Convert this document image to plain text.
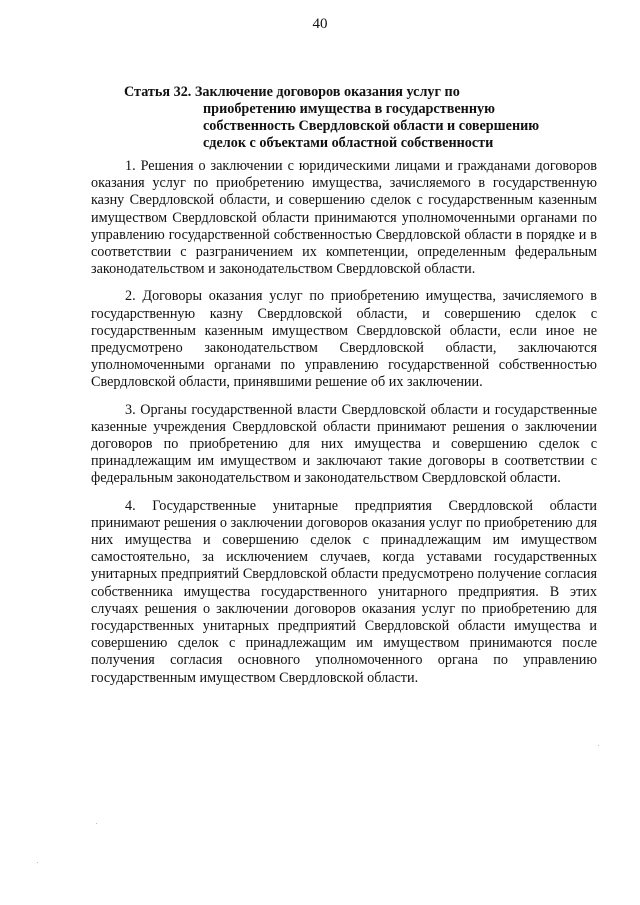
40
Статья 32. Заключение договоров оказания услуг по
приобретению имущества в государственную
собственность Свердловской области и совершению
сделок с объектами областной собственности

1. Решения о заключении с юридическими лицами и гражданами договоров оказания услуг по приобретению имущества, зачисляемого в государственную казну Свердловской области, и совершению сделок с государственным казенным имуществом Свердловской области принимаются уполномоченными органами по управлению государственной собственностью Свердловской области в порядке и в соответствии с разграничением их компетенции, определенным федеральным законодательством и законодательством Свердловской области.

2. Договоры оказания услуг по приобретению имущества, зачисляемого в государственную казну Свердловской области, и совершению сделок с государственным казенным имуществом Свердловской области, если иное не предусмотрено законодательством Свердловской области, заключаются уполномоченными органами по управлению государственной собственностью Свердловской области, принявшими решение об их заключении.

3. Органы государственной власти Свердловской области и государственные казенные учреждения Свердловской области принимают решения о заключении договоров по приобретению для них имущества и совершению сделок с принадлежащим им имуществом и заключают такие договоры в соответствии с федеральным законодательством и законодательством Свердловской области.

4. Государственные унитарные предприятия Свердловской области принимают решения о заключении договоров оказания услуг по приобретению для них имущества и совершению сделок с принадлежащим им имуществом самостоятельно, за исключением случаев, когда уставами государственных унитарных предприятий Свердловской области предусмотрено получение согласия собственника имущества государственного унитарного предприятия. В этих случаях решения о заключении договоров оказания услуг по приобретению для государственных унитарных предприятий Свердловской области имущества и совершению сделок с принадлежащим им имуществом принимаются после получения согласия основного уполномоченного органа по управлению государственным имуществом Свердловской области.
